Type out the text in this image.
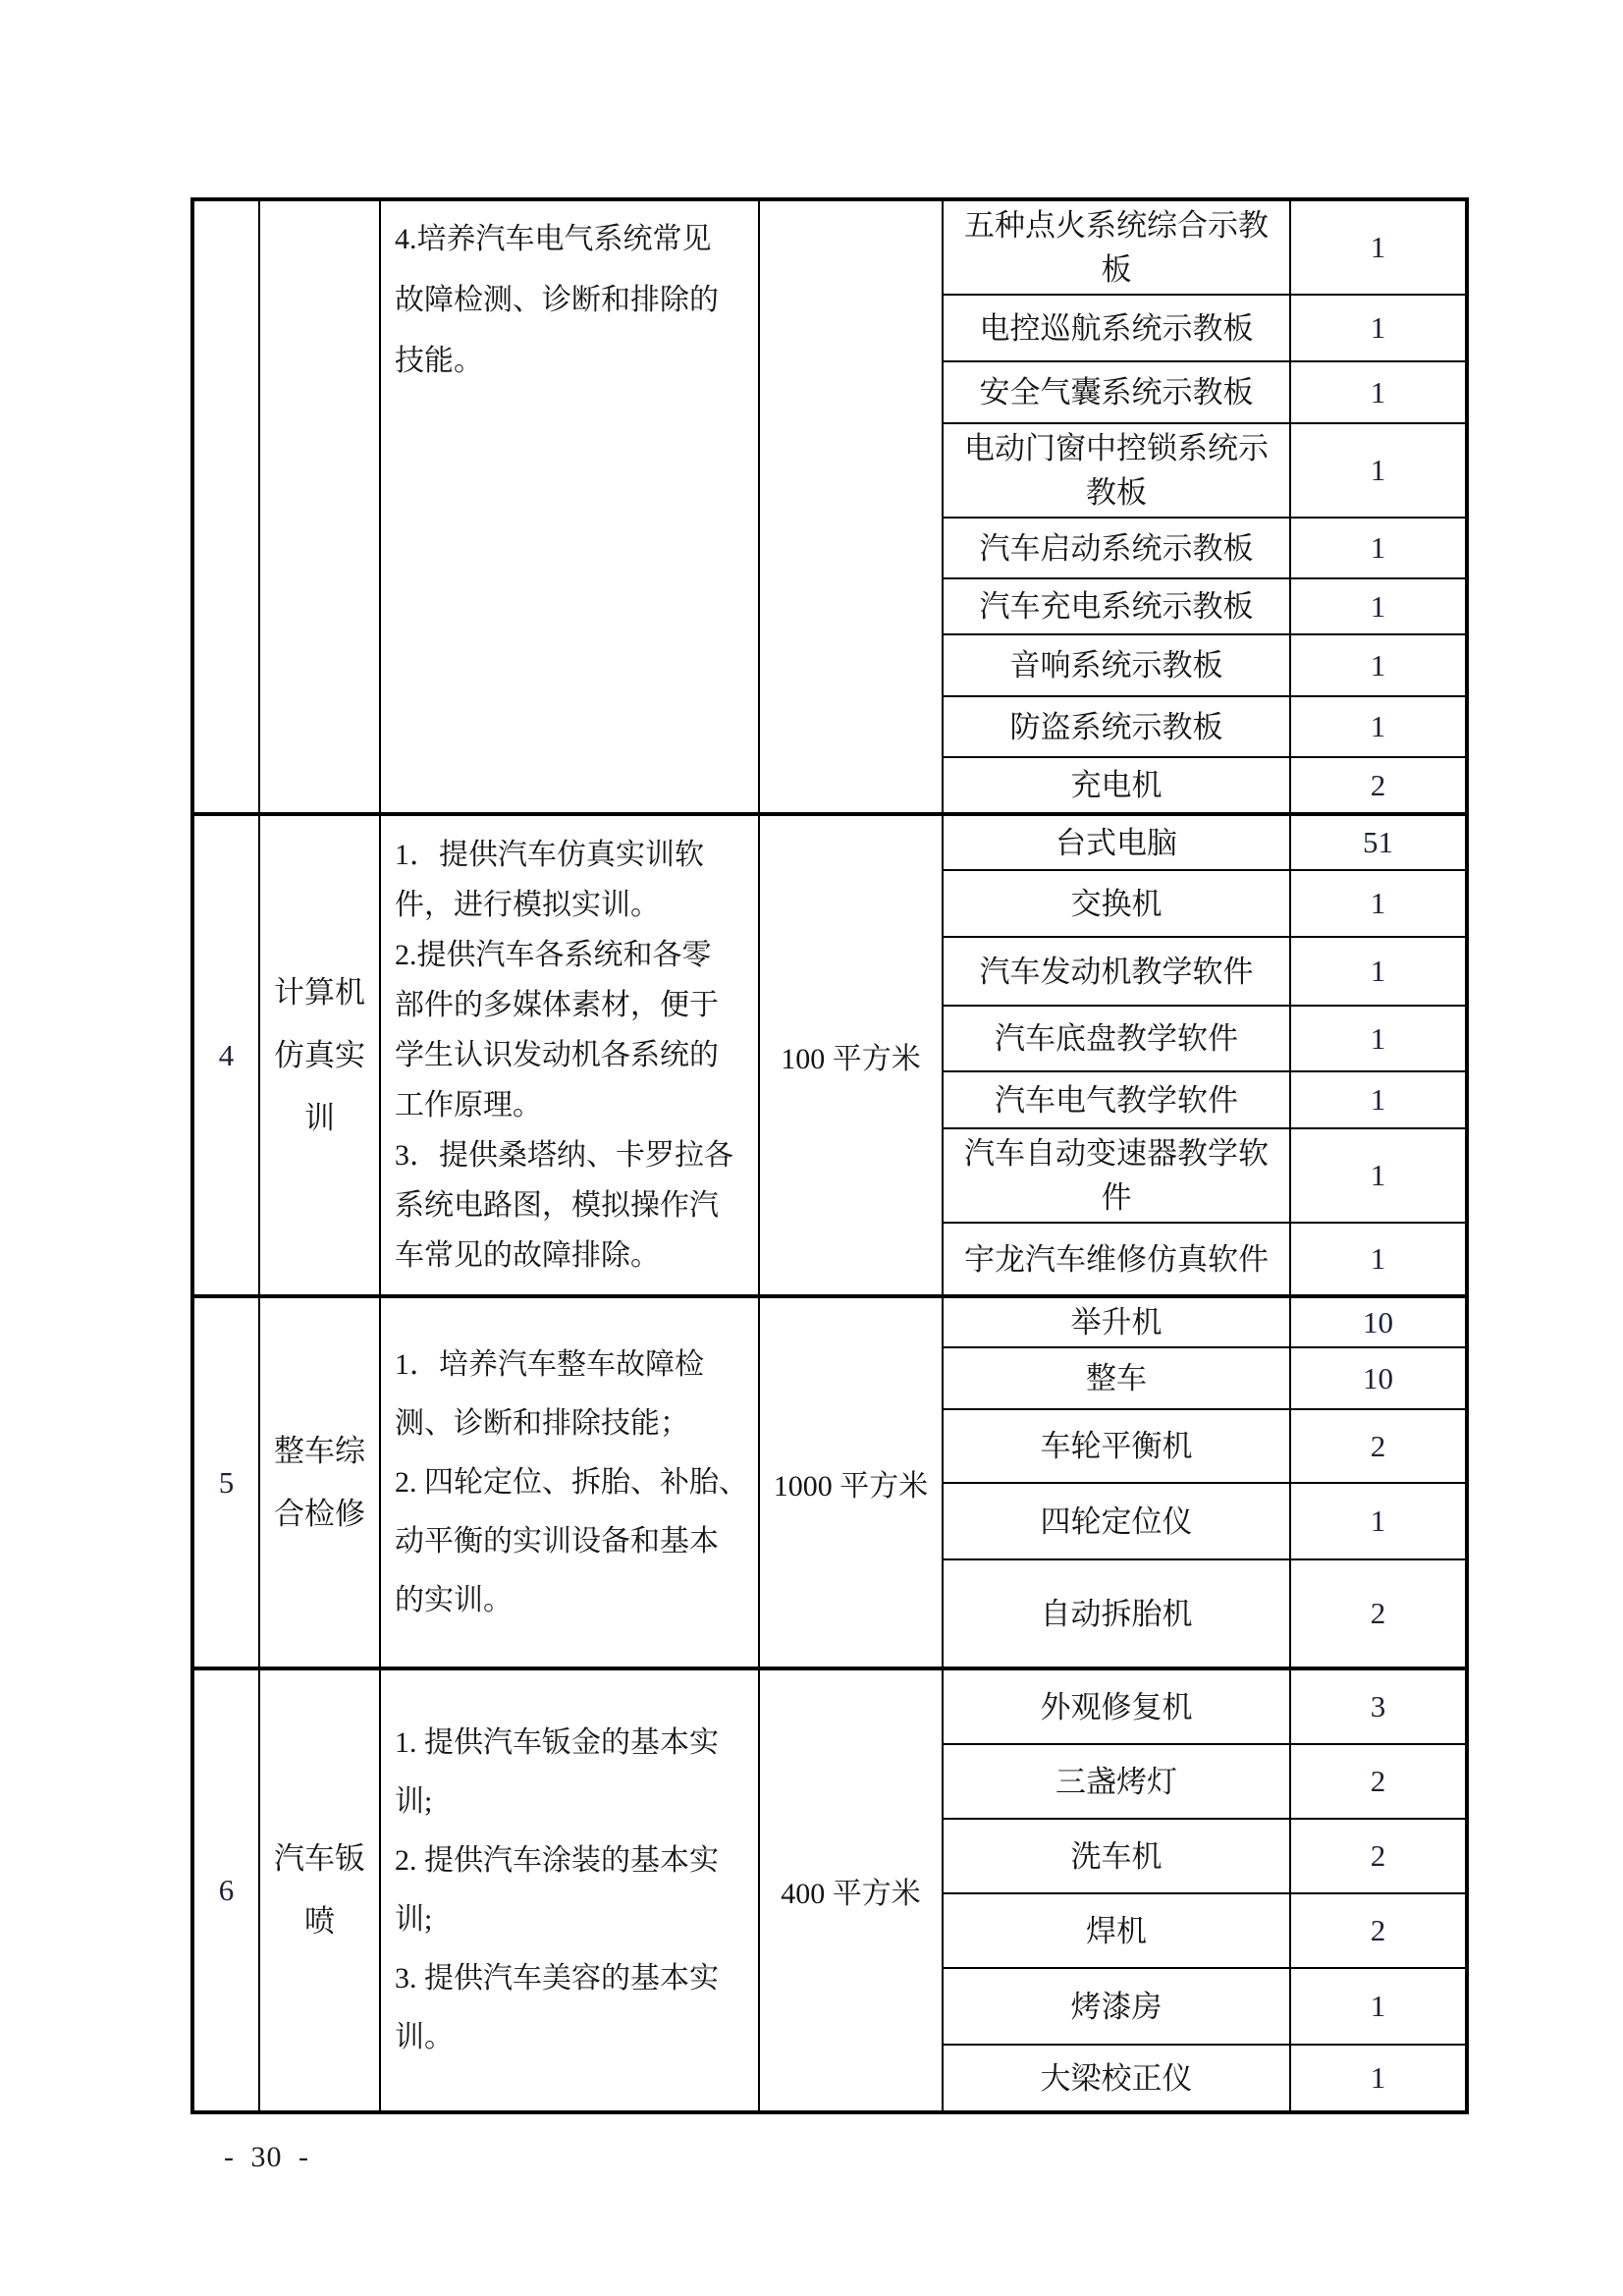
		4.培养汽车电气系统常见
故障检测、诊断和排除的
技能。		五种点火系统综合示教板	1
				电控巡航系统示教板	1
				安全气囊系统示教板	1
				电动门窗中控锁系统示教板	1
				汽车启动系统示教板	1
				汽车充电系统示教板	1
				音响系统示教板	1
				防盗系统示教板	1
				充电机	2
4	计算机仿真实训	1．提供汽车仿真实训软
件，进行模拟实训。
2.提供汽车各系统和各零
部件的多媒体素材，便于
学生认识发动机各系统的
工作原理。
3．提供桑塔纳、卡罗拉各
系统电路图，模拟操作汽
车常见的故障排除。	100 平方米	台式电脑	51
				交换机	1
				汽车发动机教学软件	1
				汽车底盘教学软件	1
				汽车电气教学软件	1
				汽车自动变速器教学软件	1
				宇龙汽车维修仿真软件	1
5	整车综合检修	1．培养汽车整车故障检
测、诊断和排除技能；
2. 四轮定位、拆胎、补胎、
动平衡的实训设备和基本
的实训。	1000 平方米	举升机	10
				整车	10
				车轮平衡机	2
				四轮定位仪	1
				自动拆胎机	2
6	汽车钣喷	1. 提供汽车钣金的基本实
训;
2. 提供汽车涂装的基本实
训;
3. 提供汽车美容的基本实
训。	400 平方米	外观修复机	3
				三盏烤灯	2
				洗车机	2
				焊机	2
				烤漆房	1
				大梁校正仪	1
- 30 -
